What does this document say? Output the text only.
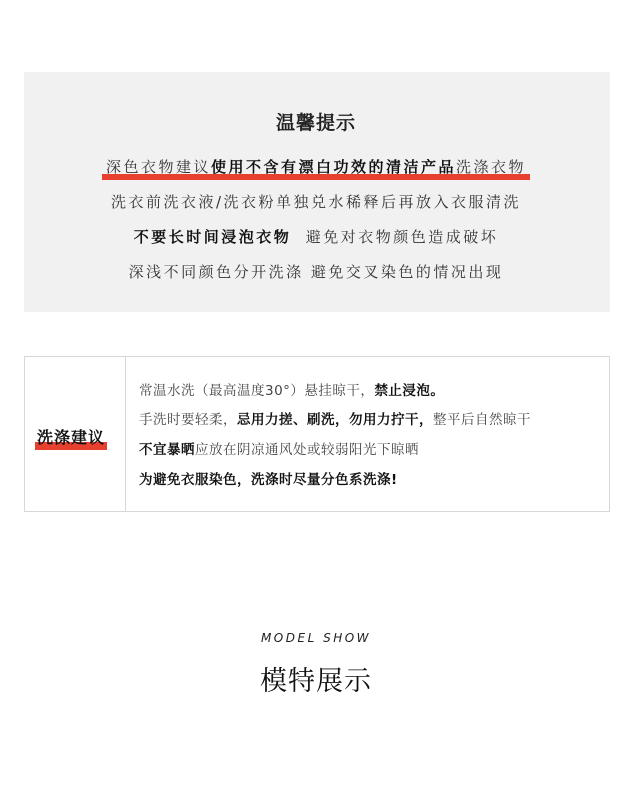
温馨提示
深色衣物建议使用不含有漂白功效的清洁产品洗涤衣物
洗衣前洗衣液/洗衣粉单独兑水稀释后再放入衣服清洗
不要长时间浸泡衣物 避免对衣物颜色造成破坏
深浅不同颜色分开洗涤 避免交叉染色的情况出现
洗涤建议
常温水洗（最高温度30°）悬挂晾干，禁止浸泡。
手洗时要轻柔，忌用力搓、刷洗，勿用力拧干，整平后自然晾干
不宜暴晒应放在阴凉通风处或较弱阳光下晾晒
为避免衣服染色，洗涤时尽量分色系洗涤!
MODEL SHOW
模特展示
